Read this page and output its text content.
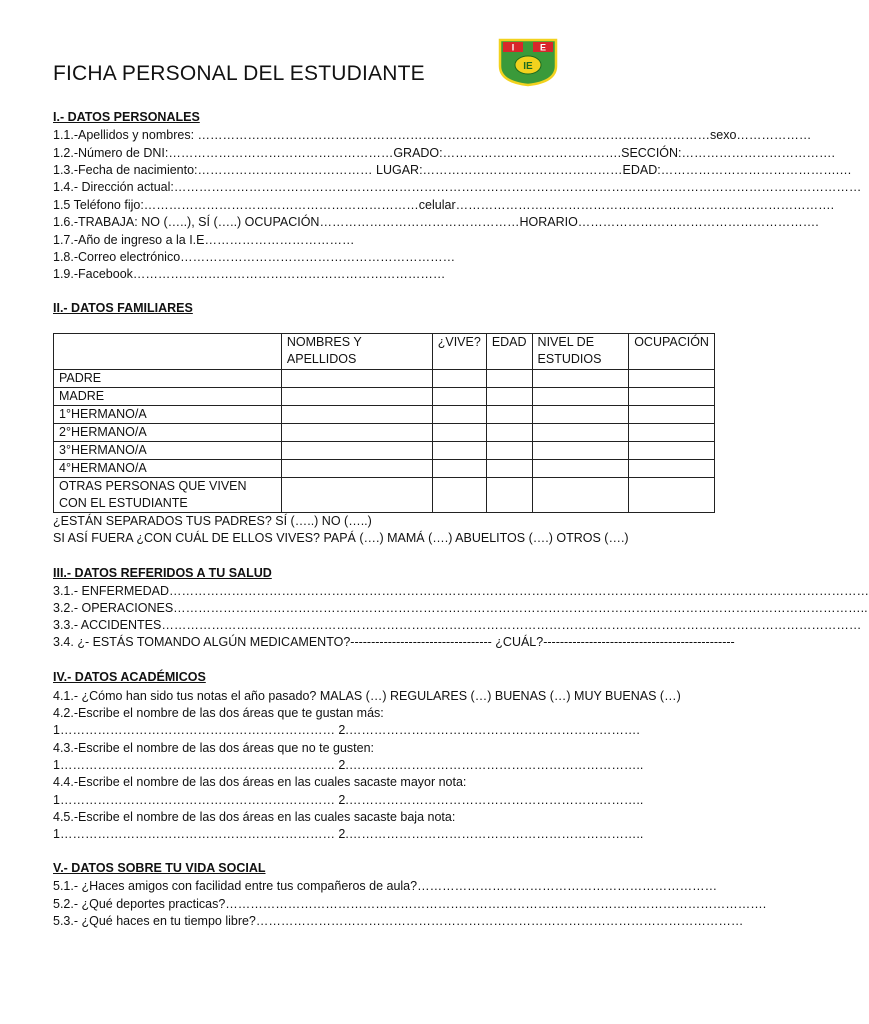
FICHA PERSONAL DEL ESTUDIANTE
I	E
IE
I.- DATOS PERSONALES
1.1.-Apellidos y nombres: ……………………………………………………………………………………………………………sexo………………
1.2.-Número de DNI:………………………………………………GRADO:…………………………………….SECCIÓN:……………………………….
1.3.-Fecha de nacimiento:…………………………………… LUGAR:…………………………………………EDAD:…………………………………….…
1.4.- Dirección actual:…………………………………………………………………………………………………………………………………………………
1.5 Teléfono fijo:…………………………………………………………celular……………………………………………………………………………….
1.6.-TRABAJA: NO (…..), SÍ (…..) OCUPACIÓN…………………………………………HORARIO………………………………………………….
1.7.-Año de ingreso a la I.E………………………………
1.8.-Correo electrónico…………………………………………………………
1.9.-Facebook…………………………………………………………………
II.- DATOS FAMILIARES
	NOMBRES Y APELLIDOS	¿VIVE?	EDAD	NIVEL DE ESTUDIOS	OCUPACIÓN
PADRE					
MADRE					
1°HERMANO/A					
2°HERMANO/A					
3°HERMANO/A					
4°HERMANO/A					
OTRAS PERSONAS QUE VIVEN CON EL ESTUDIANTE					
¿ESTÁN SEPARADOS TUS PADRES? SÍ (…..) NO (…..)
SI ASÍ FUERA ¿CON CUÁL DE ELLOS VIVES? PAPÁ (….) MAMÁ (….) ABUELITOS (….) OTROS (….)
III.- DATOS REFERIDOS A TU SALUD
3.1.- ENFERMEDAD……………………………………………………………………………………………………………………………………………………
3.2.- OPERACIONES…………………………………………………………………………………………………………………………………………………..
3.3.- ACCIDENTES……………………………………………………………………………………………………………………………………………………
3.4. ¿- ESTÁS TOMANDO ALGÚN MEDICAMENTO?---------------------------------- ¿CUÁL?----------------------------------------------
IV.- DATOS ACADÉMICOS
4.1.- ¿Cómo han sido tus notas el año pasado? MALAS (…) REGULARES (…) BUENAS (…) MUY BUENAS (…)
4.2.-Escribe el nombre de las dos áreas que te gustan más:
1………………………………………………………… 2.…………………………………………………………….
4.3.-Escribe el nombre de las dos áreas que no te gusten:
1………………………………………………………… 2.……………………………………………………………..
4.4.-Escribe el nombre de las dos áreas en las cuales sacaste mayor nota:
1………………………………………………………… 2.……………………………………………………………..
4.5.-Escribe el nombre de las dos áreas en las cuales sacaste baja nota:
1………………………………………………………… 2.……………………………………………………………..
V.- DATOS SOBRE TU VIDA SOCIAL
5.1.- ¿Haces amigos con facilidad entre tus compañeros de aula?………………………………………………………………
5.2.- ¿Qué deportes practicas?………………………………………………………………………………………………………………….
5.3.- ¿Qué haces en tu tiempo libre?………………………………………………………………………………………………………
